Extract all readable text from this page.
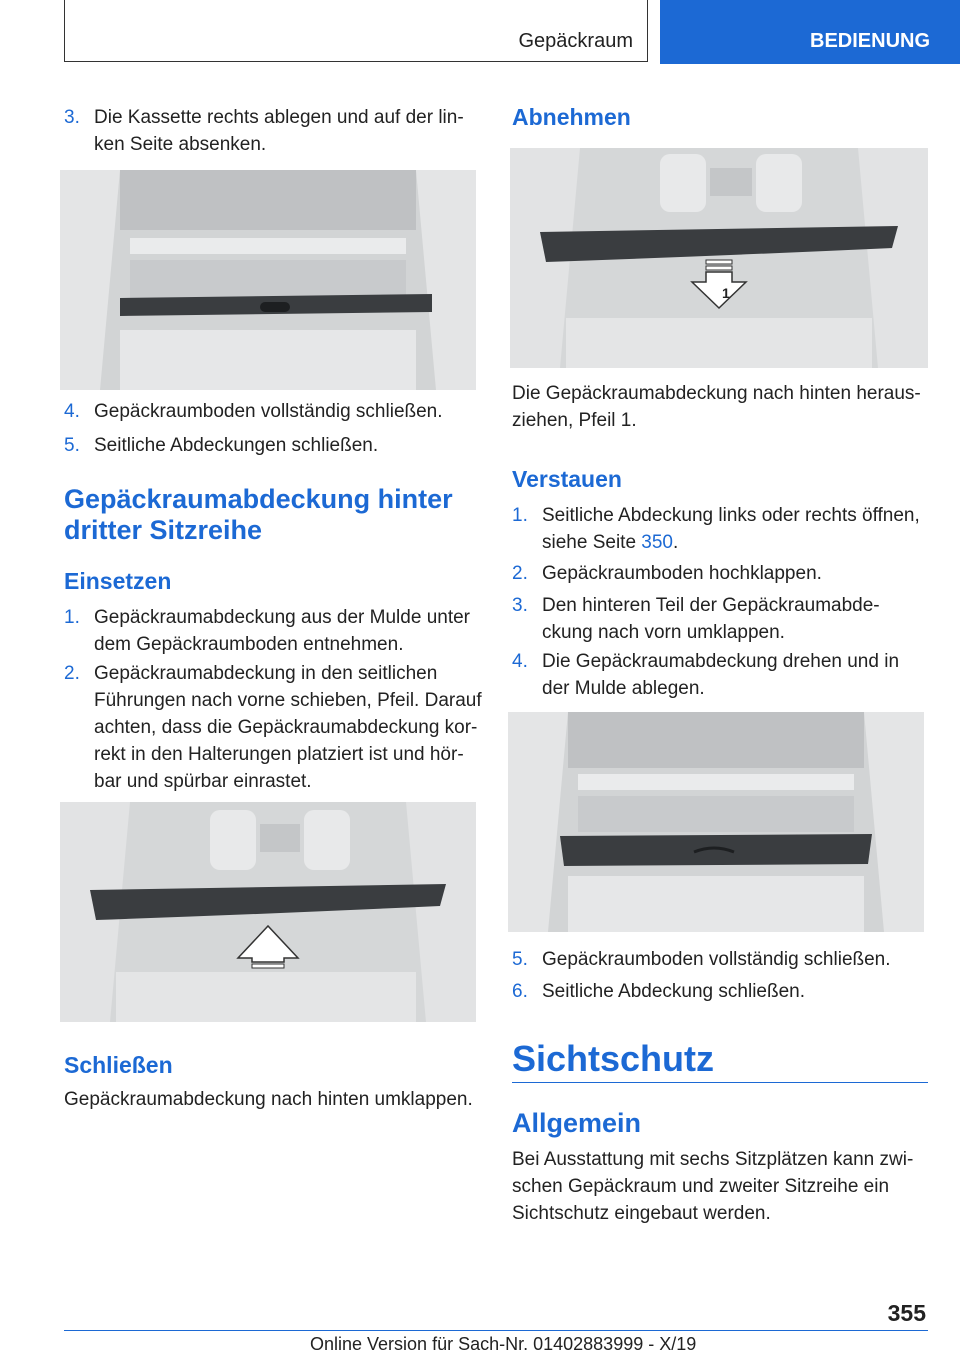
Gepäckraum	BEDIENUNG
3. Die Kassette rechts ablegen und auf der lin-ken Seite absenken.
4. Gepäckraumboden vollständig schließen.
5. Seitliche Abdeckungen schließen.
Gepäckraumabdeckung hinter
dritter Sitzreihe
Einsetzen
1. Gepäckraumabdeckung aus der Mulde unter dem Gepäckraumboden entnehmen.
2. Gepäckraumabdeckung in den seitlichen Führungen nach vorne schieben, Pfeil. Darauf achten, dass die Gepäckraumabdeckung kor-rekt in den Halterungen platziert ist und hör-bar und spürbar einrastet.
Schließen
Gepäckraumabdeckung nach hinten umklappen.
Abnehmen
1
Die Gepäckraumabdeckung nach hinten heraus-ziehen, Pfeil 1.
Verstauen
1. Seitliche Abdeckung links oder rechts öffnen, siehe Seite 350.
2. Gepäckraumboden hochklappen.
3. Den hinteren Teil der Gepäckraumabde-ckung nach vorn umklappen.
4. Die Gepäckraumabdeckung drehen und in der Mulde ablegen.
5. Gepäckraumboden vollständig schließen.
6. Seitliche Abdeckung schließen.
Sichtschutz
Allgemein
Bei Ausstattung mit sechs Sitzplätzen kann zwi-schen Gepäckraum und zweiter Sitzreihe ein Sichtschutz eingebaut werden.
355
Online Version für Sach-Nr. 01402883999 - X/19
